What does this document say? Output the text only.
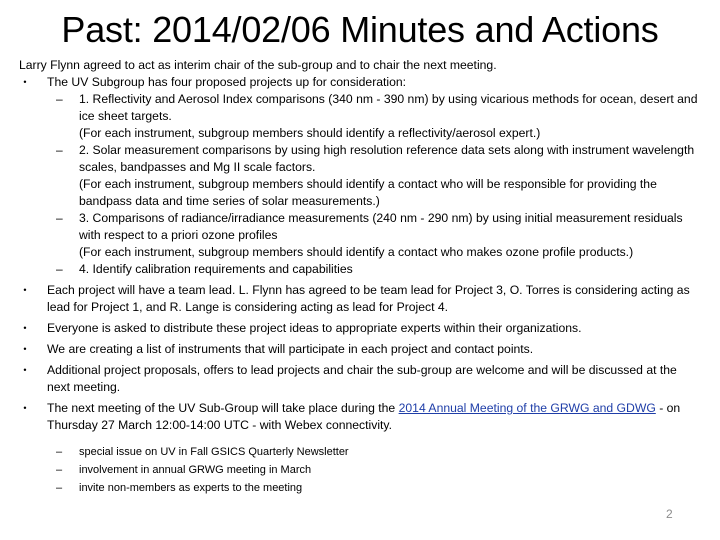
Past: 2014/02/06 Minutes and Actions

Larry Flynn agreed to act as interim chair of the sub-group and to chair the next meeting.

•	The UV Subgroup has four proposed projects up for consideration:
– 1. Reflectivity and Aerosol Index comparisons (340 nm - 390 nm) by using vicarious methods for ocean, desert and ice sheet targets.
(For each instrument, subgroup members should identify a reflectivity/aerosol expert.)
– 2. Solar measurement comparisons by using high resolution reference data sets along with instrument wavelength scales, bandpasses and Mg II scale factors.
(For each instrument, subgroup members should identify a contact who will be responsible for providing the bandpass data and time series of solar measurements.)
– 3. Comparisons of radiance/irradiance measurements (240 nm - 290 nm) by using initial measurement residuals with respect to a priori ozone profiles
(For each instrument, subgroup members should identify a contact who makes ozone profile products.)
– 4. Identify calibration requirements and capabilities
•	Each project will have a team lead. L. Flynn has agreed to be team lead for Project 3, O. Torres is considering acting as lead for Project 1, and R. Lange is considering acting as lead for Project 4.
•	Everyone is asked to distribute these project ideas to appropriate experts within their organizations.
•	We are creating a list of instruments that will participate in each project and contact points.
•	Additional project proposals, offers to lead projects and chair the sub-group are welcome and will be discussed at the next meeting.
•	The next meeting of the UV Sub-Group will take place during the 2014 Annual Meeting of the GRWG and GDWG - on Thursday 27 March 12:00-14:00 UTC - with Webex connectivity.
– special issue on UV in Fall GSICS Quarterly Newsletter
– involvement in annual GRWG meeting in March
– invite non-members as experts to the meeting
2
